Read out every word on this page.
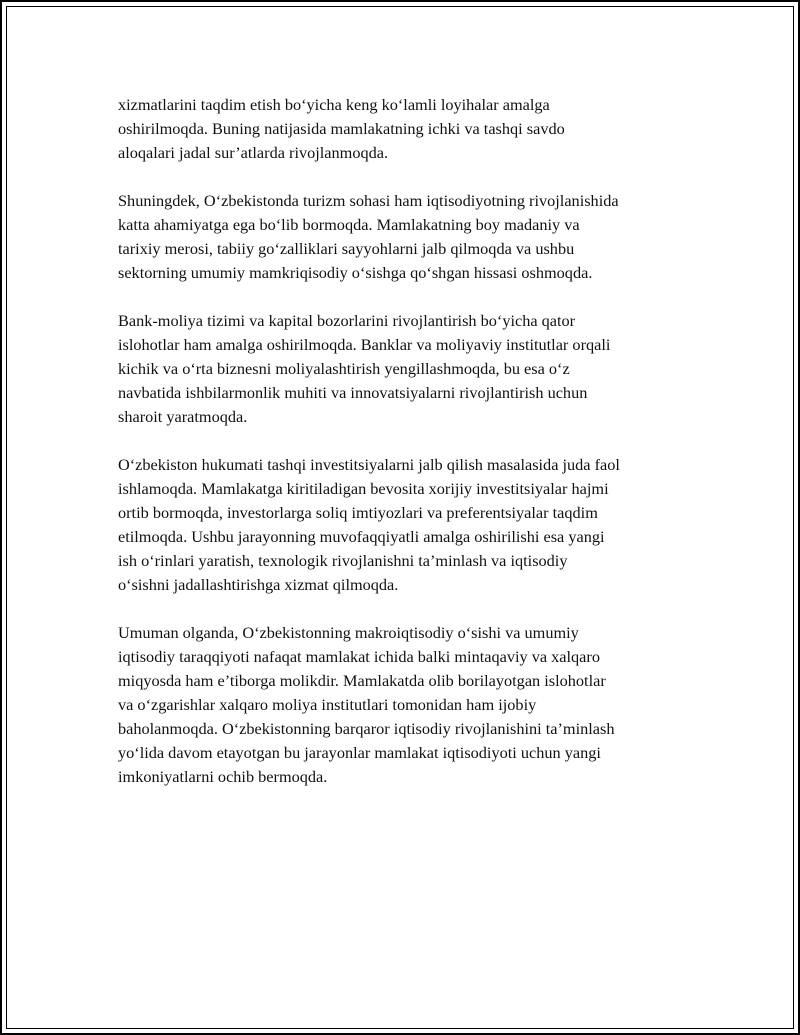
xizmatlarini taqdim etish bo‘yicha keng ko‘lamli loyihalar amalga
oshirilmoqda. Buning natijasida mamlakatning ichki va tashqi savdo
aloqalari jadal sur’atlarda rivojlanmoqda.

Shuningdek, O‘zbekistonda turizm sohasi ham iqtisodiyotning rivojlanishida
katta ahamiyatga ega bo‘lib bormoqda. Mamlakatning boy madaniy va
tarixiy merosi, tabiiy go‘zalliklari sayyohlarni jalb qilmoqda va ushbu
sektorning umumiy mamkriqisodiy o‘sishga qo‘shgan hissasi oshmoqda.

Bank-moliya tizimi va kapital bozorlarini rivojlantirish bo‘yicha qator
islohotlar ham amalga oshirilmoqda. Banklar va moliyaviy institutlar orqali
kichik va o‘rta biznesni moliyalashtirish yengillashmoqda, bu esa o‘z
navbatida ishbilarmonlik muhiti va innovatsiyalarni rivojlantirish uchun
sharoit yaratmoqda.

O‘zbekiston hukumati tashqi investitsiyalarni jalb qilish masalasida juda faol
ishlamoqda. Mamlakatga kiritiladigan bevosita xorijiy investitsiyalar hajmi
ortib bormoqda, investorlarga soliq imtiyozlari va preferentsiyalar taqdim
etilmoqda. Ushbu jarayonning muvofaqqiyatli amalga oshirilishi esa yangi
ish o‘rinlari yaratish, texnologik rivojlanishni ta’minlash va iqtisodiy
o‘sishni jadallashtirishga xizmat qilmoqda.

Umuman olganda, O‘zbekistonning makroiqtisodiy o‘sishi va umumiy
iqtisodiy taraqqiyoti nafaqat mamlakat ichida balki mintaqaviy va xalqaro
miqyosda ham e’tiborga molikdir. Mamlakatda olib borilayotgan islohotlar
va o‘zgarishlar xalqaro moliya institutlari tomonidan ham ijobiy
baholanmoqda. O‘zbekistonning barqaror iqtisodiy rivojlanishini ta’minlash
yo‘lida davom etayotgan bu jarayonlar mamlakat iqtisodiyoti uchun yangi
imkoniyatlarni ochib bermoqda.
